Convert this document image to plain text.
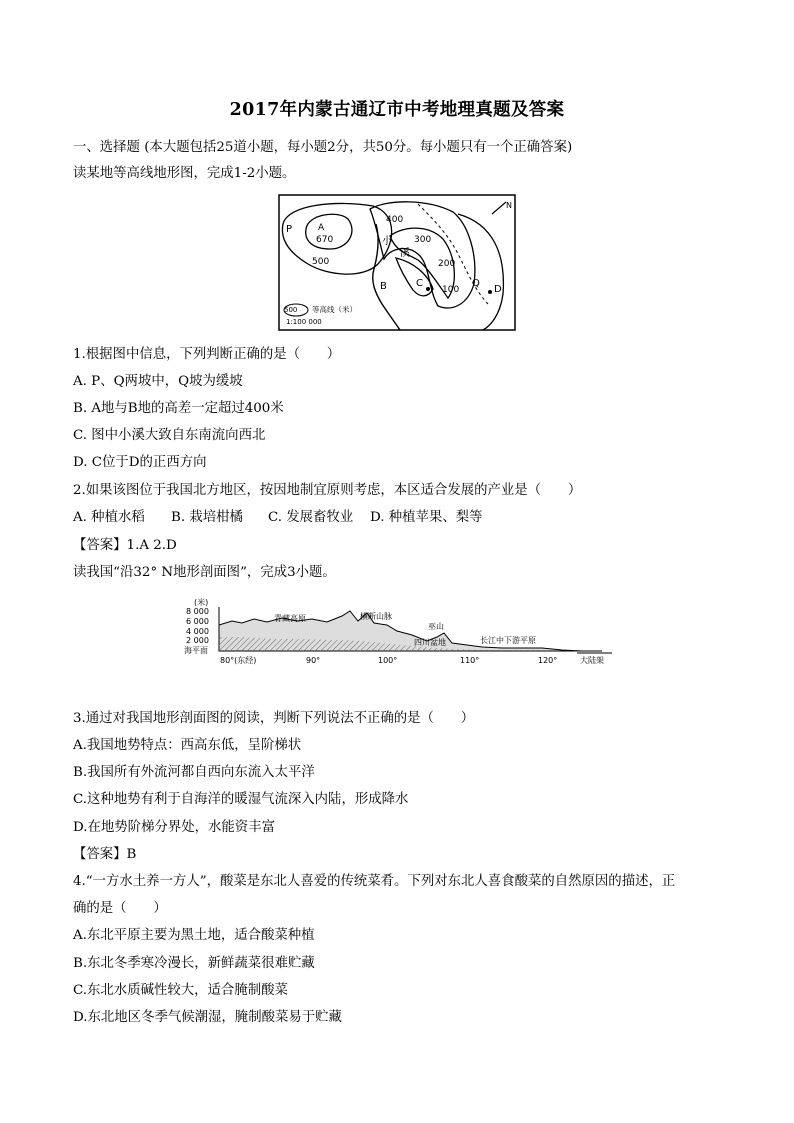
2017年内蒙古通辽市中考地理真题及答案
一、选择题 (本大题包括25道小题，每小题2分，共50分。每小题只有一个正确答案)
读某地等高线地形图，完成1-2小题。
P	A
670
500
400
300
200
100
小
溪
B	C	Q
D
N
500 等高线（米）
1:100 000
1.根据图中信息，下列判断正确的是（　　）
A. P、Q两坡中，Q坡为缓坡
B. A地与B地的高差一定超过400米
C. 图中小溪大致自东南流向西北
D. C位于D的正西方向
2.如果该图位于我国北方地区，按因地制宜原则考虑，本区适合发展的产业是（　　）
A. 种植水稻 B. 栽培柑橘 C. 发展畜牧业 D. 种植苹果、梨等
【答案】1.A 2.D
读我国“沿32° N地形剖面图”，完成3小题。
(米)
8 000
6 000
4 000
2 000
海平面
青藏高原	横断山脉
巫山
四川盆地	长江中下游平原
大陆架
80°(东经)	90°	100°	110°	120°
3.通过对我国地形剖面图的阅读，判断下列说法不正确的是（　　）
A.我国地势特点：西高东低，呈阶梯状
B.我国所有外流河都自西向东流入太平洋
C.这种地势有利于自海洋的暖湿气流深入内陆，形成降水
D.在地势阶梯分界处，水能资丰富
【答案】B
4.“一方水土养一方人”，酸菜是东北人喜爱的传统菜肴。下列对东北人喜食酸菜的自然原因的描述，正
确的是（　　）
A.东北平原主要为黑土地，适合酸菜种植
B.东北冬季寒冷漫长，新鲜蔬菜很难贮藏
C.东北水质碱性较大，适合腌制酸菜
D.东北地区冬季气候潮湿，腌制酸菜易于贮藏
